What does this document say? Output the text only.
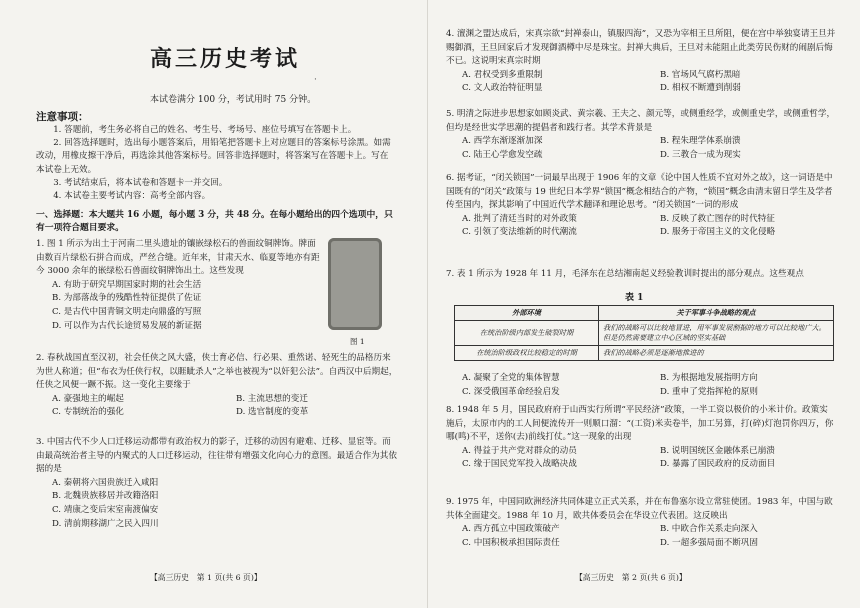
高三历史考试
·
本试卷满分 100 分，考试用时 75 分钟。
注意事项：

1. 答题前，考生务必将自己的姓名、考生号、考场号、座位号填写在答题卡上。

2. 回答选择题时，选出每小题答案后，用铅笔把答题卡上对应题目的答案标号涂黑。如需改动，用橡皮擦干净后，再选涂其他答案标号。回答非选择题时，将答案写在答题卡上。写在本试卷上无效。

3. 考试结束后，将本试卷和答题卡一并交回。

4. 本试卷主要考试内容：高考全部内容。

一、选择题：本大题共 16 小题，每小题 3 分，共 48 分。在每小题给出的四个选项中，只有一项符合题目要求。

1. 图 1 所示为出土于河南二里头遗址的镶嵌绿松石的兽面纹铜牌饰。牌面由数百片绿松石拼合而成，严丝合缝。近年来，甘肃天水、临夏等地亦有距今 3000 余年的嵌绿松石兽面纹铜牌饰出土。这些发现

A. 有助于研究早期国家时期的社会生活
B. 为部落战争的残酷性特征提供了佐证
C. 是古代中国青铜文明走向鼎盛的写照
D. 可以作为古代长途贸易发展的新证据
图 1

2. 春秋战国直至汉初，社会任侠之风大盛，侠士育必信、行必果、重然诺、轻死生的品格历来为世人称道；但“布衣为任侠行权，以睚眦杀人”之举也被视为“以奸犯公法”。自西汉中后期起，任侠之风便一蹶不振。这一变化主要缘于

A. 豪强地主的崛起	B. 主流思想的变迁
C. 专制统治的强化	D. 选官制度的变革

3. 中国古代不少人口迁移运动都带有政治权力的影子，迁移的动因有避难、迁移、显宦等。而由最高统治者主导的内聚式的人口迁移运动，往往带有增强文化向心力的意图。最适合作为其依据的是

A. 秦朝将六国贵族迁入咸阳
B. 北魏贵族移居并改籍洛阳
C. 靖康之变后宋室南渡偏安
D. 清前期移湖广之民入四川
【高三历史　第 1 页(共 6 页)】

4. 澶渊之盟达成后，宋真宗欲“封禅泰山，镇服四海”，又恐为宰相王旦所阻，便在宫中举独宴请王旦并赐御酒，王旦回家后才发现御酒樽中尽是珠宝。封禅大典后，王旦对未能阻止此类劳民伤财的闹剧后悔不已。这说明宋真宗时期

A. 君权受到多重限制	B. 官场风气腐朽黑暗
C. 文人政治特征明显	D. 相权不断遭到削弱

5. 明清之际进步思想家如顾炎武、黄宗羲、王夫之、颜元等，或侧重经学，或侧重史学，或侧重哲学，但均是经世实学思潮的提倡者和践行者。其学术背景是

A. 西学东渐逐渐加深	B. 程朱理学体系崩溃
C. 陆王心学愈发空疏	D. 三教合一成为现实

6. 据考证，“闭关锁国”一词最早出现于 1906 年的文章《论中国人性质不宜对外之故》，这一词语是中国既有的“闭关”政策与 19 世纪日本学界“锁国”概念相结合的产物，“锁国”概念由清末留日学生及学者传至国内，探其影响了中国近代学术翻译和理论思考。“闭关锁国”一词的形成

A. 批判了清廷当时的对外政策	B. 反映了救亡图存的时代特征
C. 引领了变法维新的时代潮流	D. 服务于帝国主义的文化侵略

7. 表 1 所示为 1928 年 11 月，毛泽东在总结湘南起义经验教训时提出的部分观点。这些观点

表 1
外部环境	关于军事斗争战略的观点
在统治阶级内部发生破裂时期	我们的战略可以比较地冒进，用军事发展割据的地方可以比较地广大。但是仍然需要建立中心区域的坚实基础
在统治阶级政权比较稳定的时期	我们的战略必须是逐渐地推进的
A. 凝聚了全党的集体智慧	B. 为根据地发展指明方向
C. 深受俄国革命经验启发	D. 重申了党指挥枪的原则

8. 1948 年 5 月，国民政府府于山西实行所谓“平民经济”政策，一半工资以极价的小米计价。政策实施后，太原市内的工人间便流传开一则顺口溜：“(工资)米卖卷半，加工另算，打(碎)灯泡罚你四万，你哪(鸣)不平，送你(去)前线打仗。”这一现象的出现

A. 得益于共产党对群众的动员	B. 说明国统区金融体系已崩溃
C. 缘于国民党军投入战略决战	D. 暴露了国民政府的反动面目

9. 1975 年，中国同欧洲经济共同体建立正式关系，并在布鲁塞尔设立常驻使团。1983 年，中国与欧共体全面建交。1988 年 10 月，欧共体委员会在华设立代表团。这反映出

A. 西方孤立中国政策破产	B. 中欧合作关系走向深入
C. 中国积极承担国际责任	D. 一超多强局面不断巩固
【高三历史　第 2 页(共 6 页)】
